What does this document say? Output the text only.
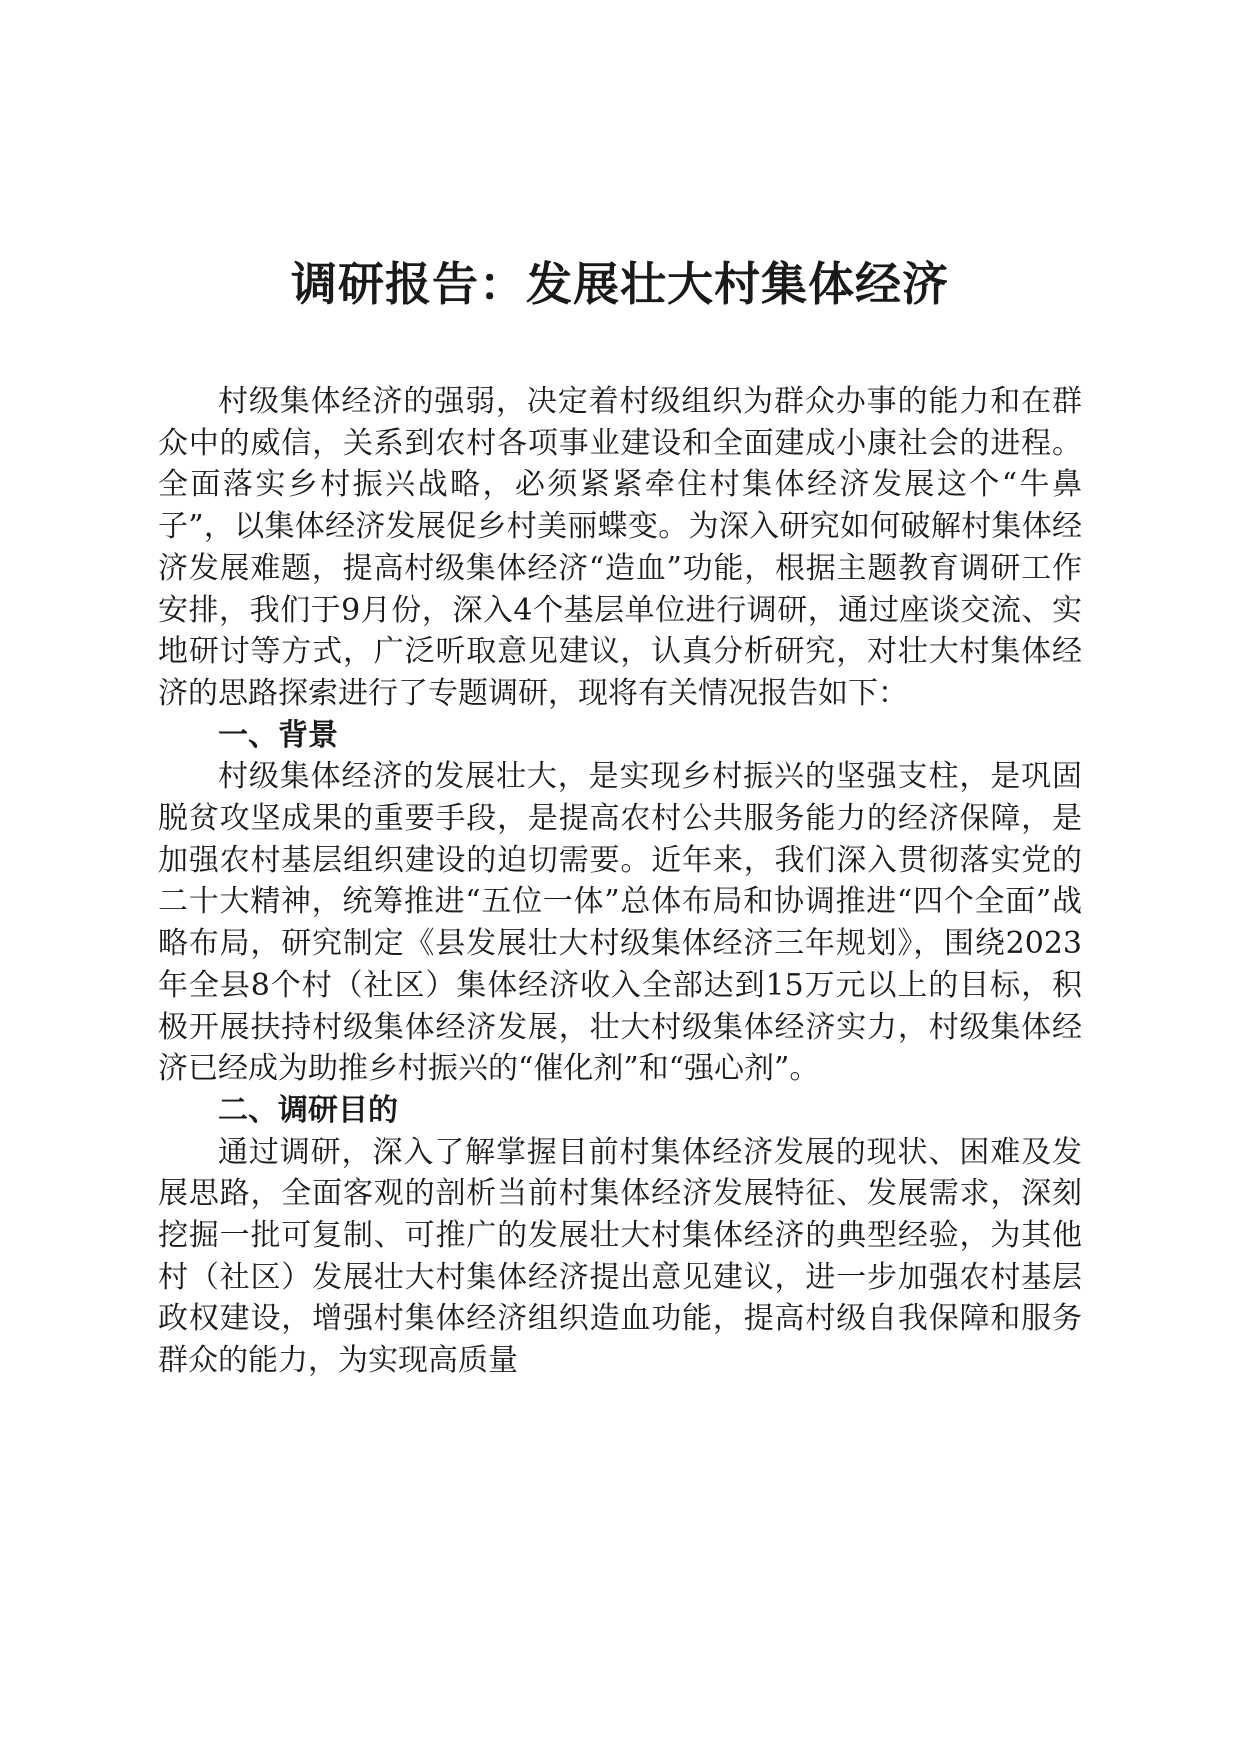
调研报告：发展壮大村集体经济

村级集体经济的强弱，决定着村级组织为群众办事的能力和在群众中的威信，关系到农村各项事业建设和全面建成小康社会的进程。全面落实乡村振兴战略，必须紧紧牵住村集体经济发展这个“牛鼻子”，以集体经济发展促乡村美丽蝶变。为深入研究如何破解村集体经济发展难题，提高村级集体经济“造血”功能，根据主题教育调研工作安排，我们于9月份，深入4个基层单位进行调研，通过座谈交流、实地研讨等方式，广泛听取意见建议，认真分析研究，对壮大村集体经济的思路探索进行了专题调研，现将有关情况报告如下：

一、背景

村级集体经济的发展壮大，是实现乡村振兴的坚强支柱，是巩固脱贫攻坚成果的重要手段，是提高农村公共服务能力的经济保障，是加强农村基层组织建设的迫切需要。近年来，我们深入贯彻落实党的二十大精神，统筹推进“五位一体”总体布局和协调推进“四个全面”战略布局，研究制定《县发展壮大村级集体经济三年规划》，围绕2023年全县8个村（社区）集体经济收入全部达到15万元以上的目标，积极开展扶持村级集体经济发展，壮大村级集体经济实力，村级集体经济已经成为助推乡村振兴的“催化剂”和“强心剂”。

二、调研目的

通过调研，深入了解掌握目前村集体经济发展的现状、困难及发展思路，全面客观的剖析当前村集体经济发展特征、发展需求，深刻挖掘一批可复制、可推广的发展壮大村集体经济的典型经验，为其他村（社区）发展壮大村集体经济提出意见建议，进一步加强农村基层政权建设，增强村集体经济组织造血功能，提高村级自我保障和服务群众的能力，为实现高质量
